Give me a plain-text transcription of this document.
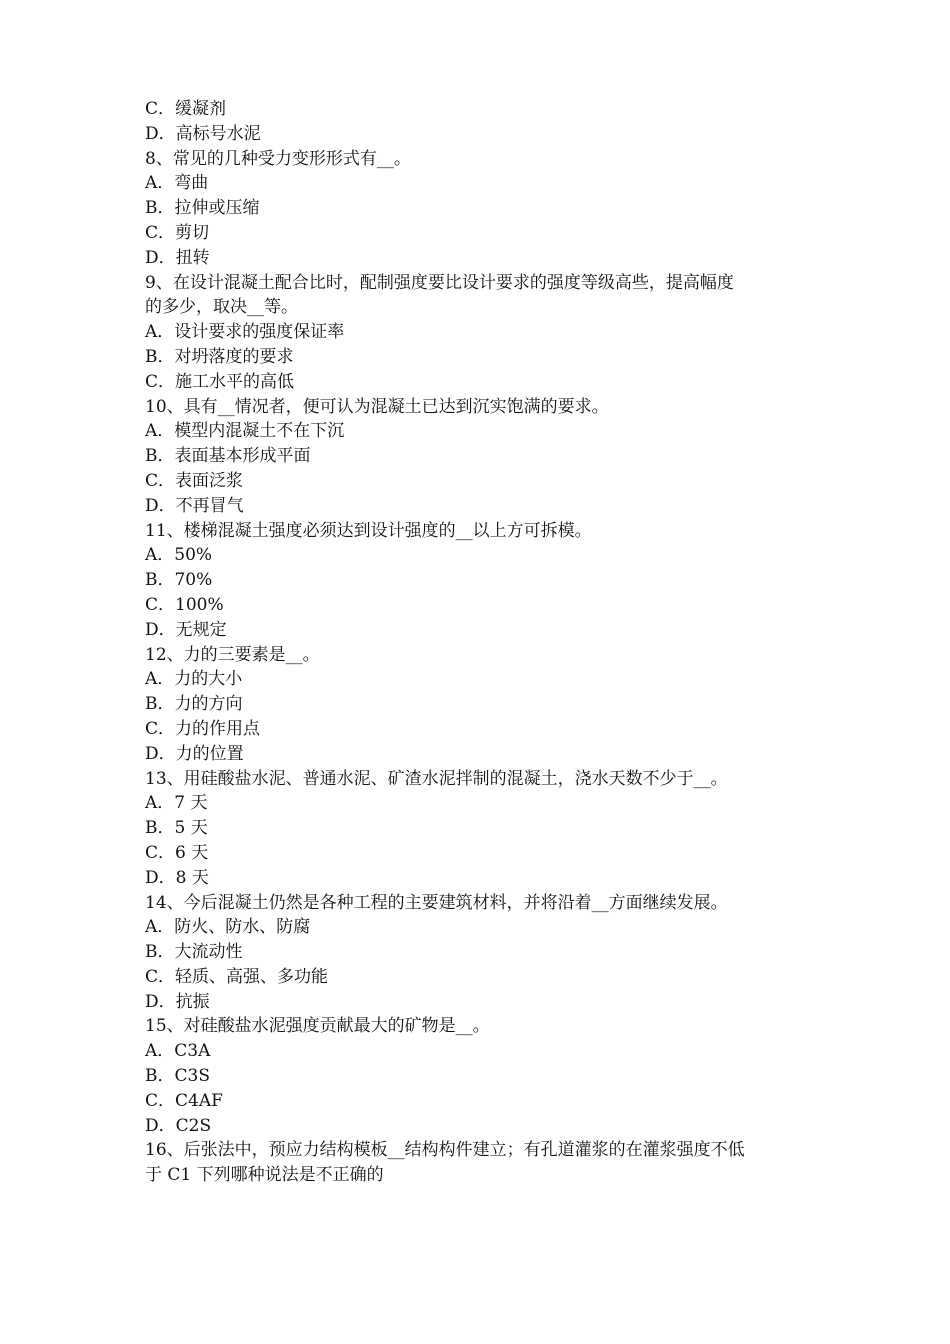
C．缓凝剂

D．高标号水泥

8、常见的几种受力变形形式有__。

A．弯曲

B．拉伸或压缩

C．剪切

D．扭转

9、在设计混凝土配合比时，配制强度要比设计要求的强度等级高些，提高幅度

的多少，取决__等。

A．设计要求的强度保证率

B．对坍落度的要求

C．施工水平的高低

10、具有__情况者，便可认为混凝土已达到沉实饱满的要求。

A．模型内混凝土不在下沉

B．表面基本形成平面

C．表面泛浆

D．不再冒气

11、楼梯混凝土强度必须达到设计强度的__以上方可拆模。

A．50%

B．70%

C．100%

D．无规定

12、力的三要素是__。

A．力的大小

B．力的方向

C．力的作用点

D．力的位置

13、用硅酸盐水泥、普通水泥、矿渣水泥拌制的混凝土，浇水天数不少于__。

A．7 天

B．5 天

C．6 天

D．8 天

14、今后混凝土仍然是各种工程的主要建筑材料，并将沿着__方面继续发展。

A．防火、防水、防腐

B．大流动性

C．轻质、高强、多功能

D．抗振

15、对硅酸盐水泥强度贡献最大的矿物是__。

A．C3A

B．C3S

C．C4AF

D．C2S

16、后张法中，预应力结构模板__结构构件建立；有孔道灌浆的在灌浆强度不低

于 C1 下列哪种说法是不正确的
